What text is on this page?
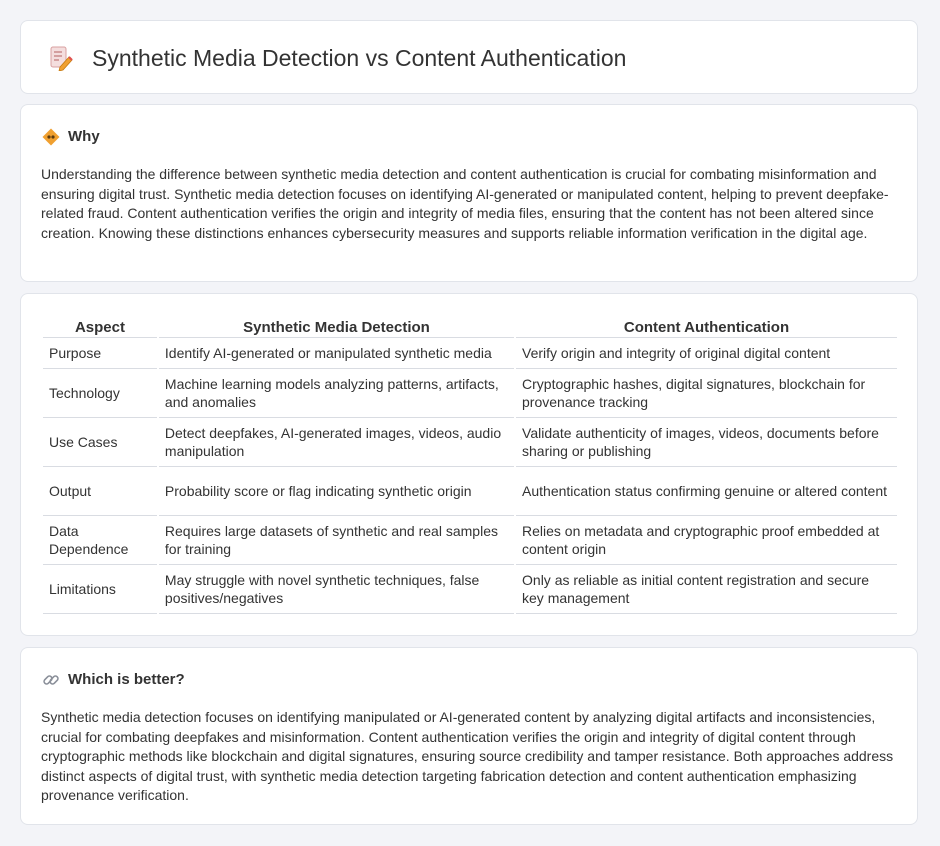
Synthetic Media Detection vs Content Authentication
Why

Understanding the difference between synthetic media detection and content authentication is crucial for combating misinformation and ensuring digital trust. Synthetic media detection focuses on identifying AI-generated or manipulated content, helping to prevent deepfake-related fraud. Content authentication verifies the origin and integrity of media files, ensuring that the content has not been altered since creation. Knowing these distinctions enhances cybersecurity measures and supports reliable information verification in the digital age.

Aspect	Synthetic Media Detection	Content Authentication
Purpose	Identify AI-generated or manipulated synthetic media	Verify origin and integrity of original digital content
Technology	Machine learning models analyzing patterns, artifacts, and anomalies	Cryptographic hashes, digital signatures, blockchain for provenance tracking
Use Cases	Detect deepfakes, AI-generated images, videos, audio manipulation	Validate authenticity of images, videos, documents before sharing or publishing
Output	Probability score or flag indicating synthetic origin	Authentication status confirming genuine or altered content
Data Dependence	Requires large datasets of synthetic and real samples for training	Relies on metadata and cryptographic proof embedded at content origin
Limitations	May struggle with novel synthetic techniques, false positives/negatives	Only as reliable as initial content registration and secure key management
Which is better?

Synthetic media detection focuses on identifying manipulated or AI-generated content by analyzing digital artifacts and inconsistencies, crucial for combating deepfakes and misinformation. Content authentication verifies the origin and integrity of digital content through cryptographic methods like blockchain and digital signatures, ensuring source credibility and tamper resistance. Both approaches address distinct aspects of digital trust, with synthetic media detection targeting fabrication detection and content authentication emphasizing provenance verification.
